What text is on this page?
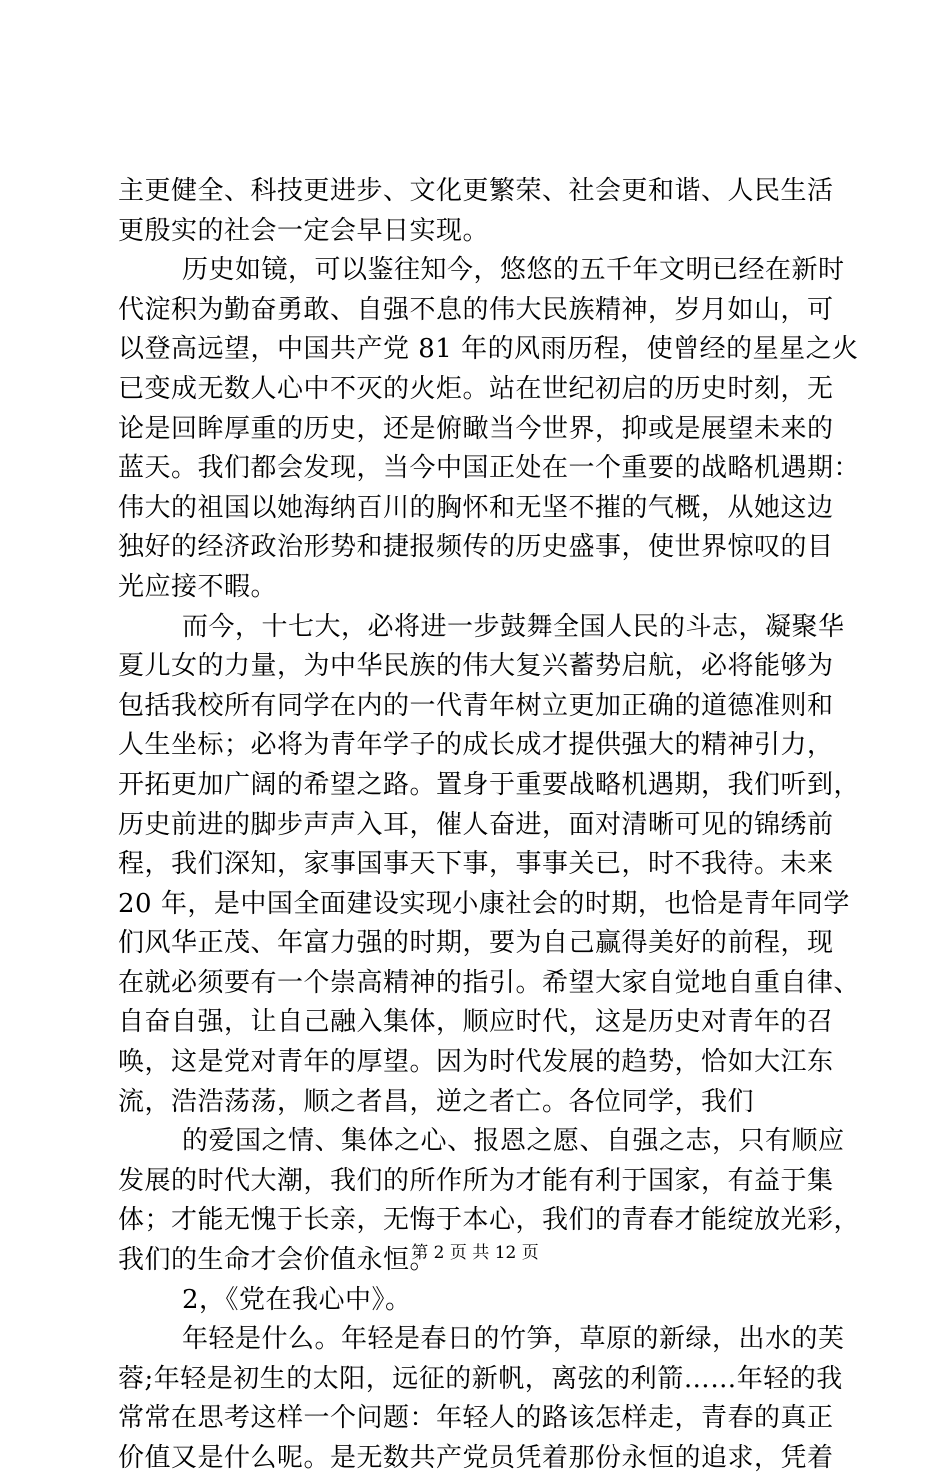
主更健全、科技更进步、文化更繁荣、社会更和谐、人民生活
更殷实的社会一定会早日实现。
历史如镜，可以鉴往知今，悠悠的五千年文明已经在新时
代淀积为勤奋勇敢、自强不息的伟大民族精神，岁月如山，可
以登高远望，中国共产党 81 年的风雨历程，使曾经的星星之火
已变成无数人心中不灭的火炬。站在世纪初启的历史时刻，无
论是回眸厚重的历史，还是俯瞰当今世界，抑或是展望未来的
蓝天。我们都会发现，当今中国正处在一个重要的战略机遇期：
伟大的祖国以她海纳百川的胸怀和无坚不摧的气概，从她这边
独好的经济政治形势和捷报频传的历史盛事，使世界惊叹的目
光应接不暇。
而今，十七大，必将进一步鼓舞全国人民的斗志，凝聚华
夏儿女的力量，为中华民族的伟大复兴蓄势启航，必将能够为
包括我校所有同学在内的一代青年树立更加正确的道德准则和
人生坐标；必将为青年学子的成长成才提供强大的精神引力，
开拓更加广阔的希望之路。置身于重要战略机遇期，我们听到，
历史前进的脚步声声入耳，催人奋进，面对清晰可见的锦绣前
程，我们深知，家事国事天下事，事事关已，时不我待。未来
20 年，是中国全面建设实现小康社会的时期，也恰是青年同学
们风华正茂、年富力强的时期，要为自己赢得美好的前程，现
在就必须要有一个崇高精神的指引。希望大家自觉地自重自律、
自奋自强，让自己融入集体，顺应时代，这是历史对青年的召
唤，这是党对青年的厚望。因为时代发展的趋势，恰如大江东
流，浩浩荡荡，顺之者昌，逆之者亡。各位同学，我们
的爱国之情、集体之心、报恩之愿、自强之志，只有顺应
发展的时代大潮，我们的所作所为才能有利于国家，有益于集
体；才能无愧于长亲，无悔于本心，我们的青春才能绽放光彩，
我们的生命才会价值永恒。
2，《党在我心中》。
年轻是什么。年轻是春日的竹笋，草原的新绿，出水的芙
蓉;年轻是初生的太阳，远征的新帆，离弦的利箭……年轻的我
常常在思考这样一个问题：年轻人的路该怎样走，青春的真正
价值又是什么呢。是无数共产党员凭着那份永恒的追求，凭着
第 2 页 共 12 页
